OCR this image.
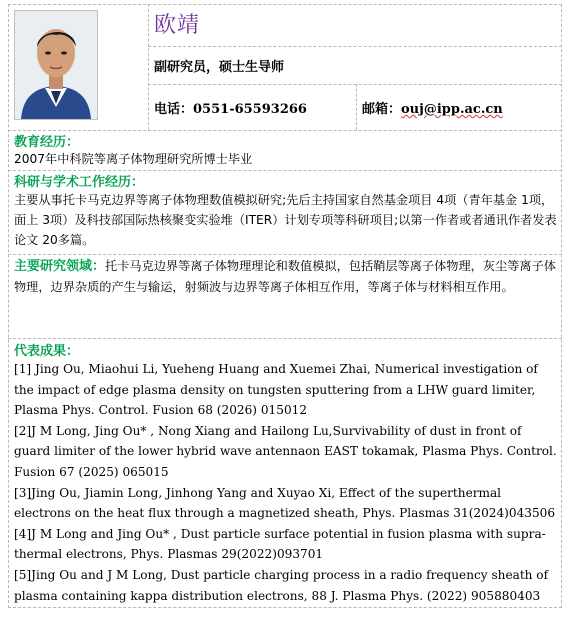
欧靖
副研究员，硕士生导师
电话：0551-65593266	邮箱：ouj@ipp.ac.cn
教育经历：
2007年中科院等离子体物理研究所博士毕业
科研与学术工作经历：
主要从事托卡马克边界等离子体物理数值模拟研究;先后主持国家自然基金项目 4项（青年基金 1项，面上 3项）及科技部国际热核聚变实验堆（ITER）计划专项等科研项目;以第一作者或者通讯作者发表论文 20多篇。
主要研究领域：托卡马克边界等离子体物理理论和数值模拟，包括鞘层等离子体物理，灰尘等离子体物理，边界杂质的产生与输运，射频波与边界等离子体相互作用，等离子体与材料相互作用。
代表成果：

[1] Jing Ou, Miaohui Li, Yueheng Huang and Xuemei Zhai, Numerical investigation of the impact of edge plasma density on tungsten sputtering from a LHW guard limiter, Plasma Phys. Control. Fusion 68 (2026) 015012

[2]J M Long, Jing Ou* , Nong Xiang and Hailong Lu,Survivability of dust in front of guard limiter of the lower hybrid wave antennaon EAST tokamak, Plasma Phys. Control. Fusion 67 (2025) 065015

[3]Jing Ou, Jiamin Long, Jinhong Yang and Xuyao Xi, Effect of the superthermal electrons on the heat flux through a magnetized sheath, Phys. Plasmas 31(2024)043506

[4]J M Long and Jing Ou* , Dust particle surface potential in fusion plasma with supra-thermal electrons, Phys. Plasmas 29(2022)093701

[5]Jing Ou and J M Long, Dust particle charging process in a radio frequency sheath of plasma containing kappa distribution electrons, 88 J. Plasma Phys. (2022) 905880403
